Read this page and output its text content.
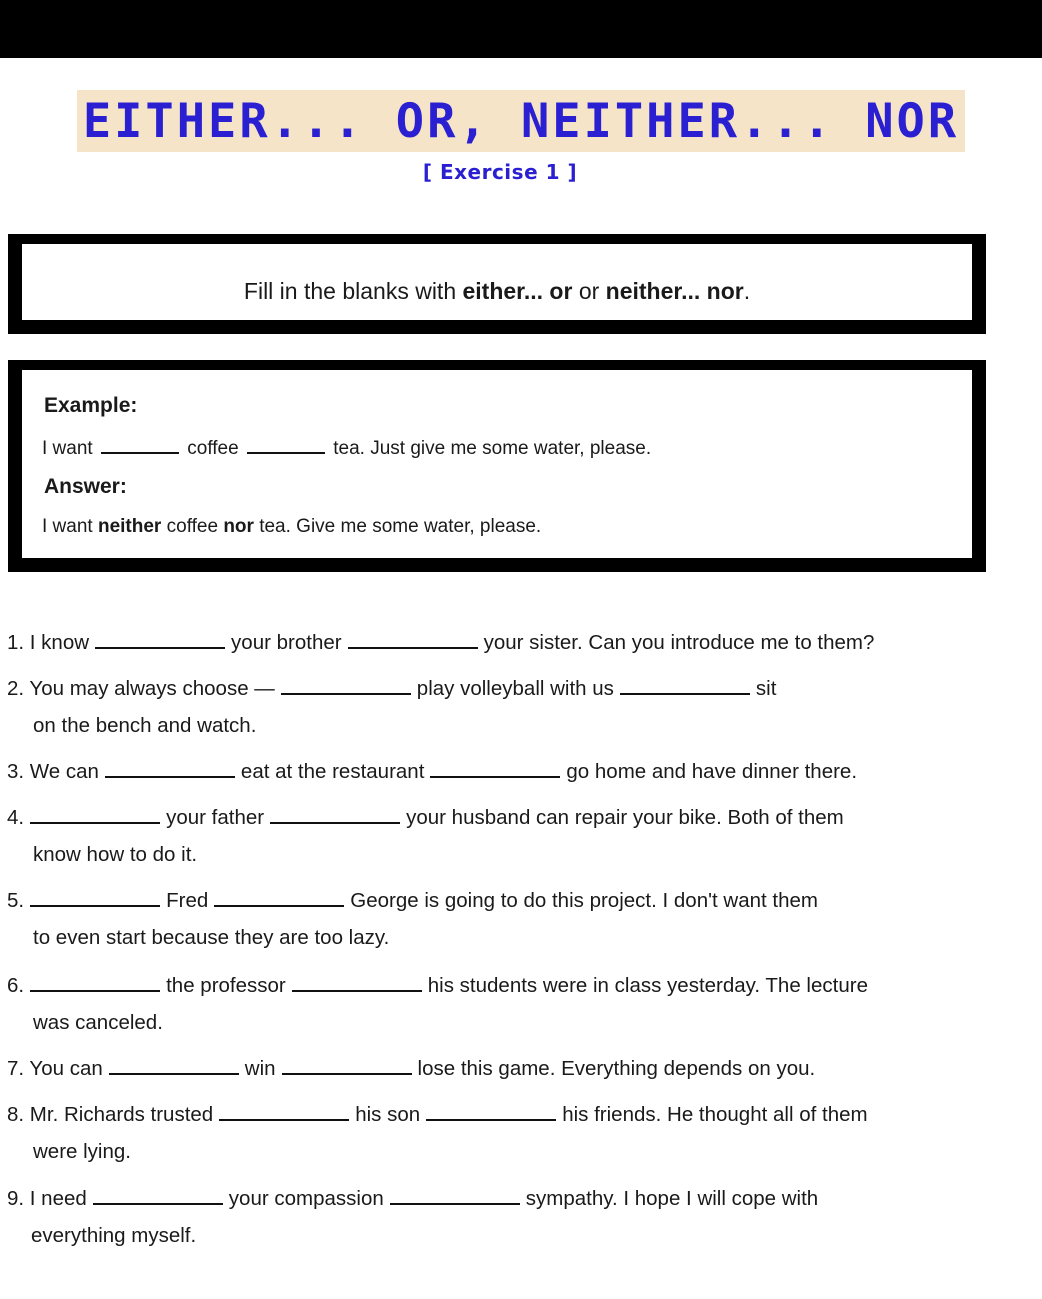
EITHER... OR, NEITHER... NOR
[ Exercise 1 ]
Fill in the blanks with either... or or neither... nor.
Example:
I want	coffee	tea. Just give me some water, please.
Answer:
I want neither coffee nor tea. Give me some water, please.
1. I know	your brother	your sister. Can you introduce me to them?
2. You may always choose —	play volleyball with us	sit
on the bench and watch.
3. We can	eat at the restaurant	go home and have dinner there.
4.	your father	your husband can repair your bike. Both of them
know how to do it.
5.	Fred	George is going to do this project. I don't want them
to even start because they are too lazy.
6.	the professor	his students were in class yesterday. The lecture
was canceled.
7. You can	win	lose this game. Everything depends on you.
8. Mr. Richards trusted	his son	his friends. He thought all of them
were lying.
9. I need	your compassion	sympathy. I hope I will cope with
everything myself.
